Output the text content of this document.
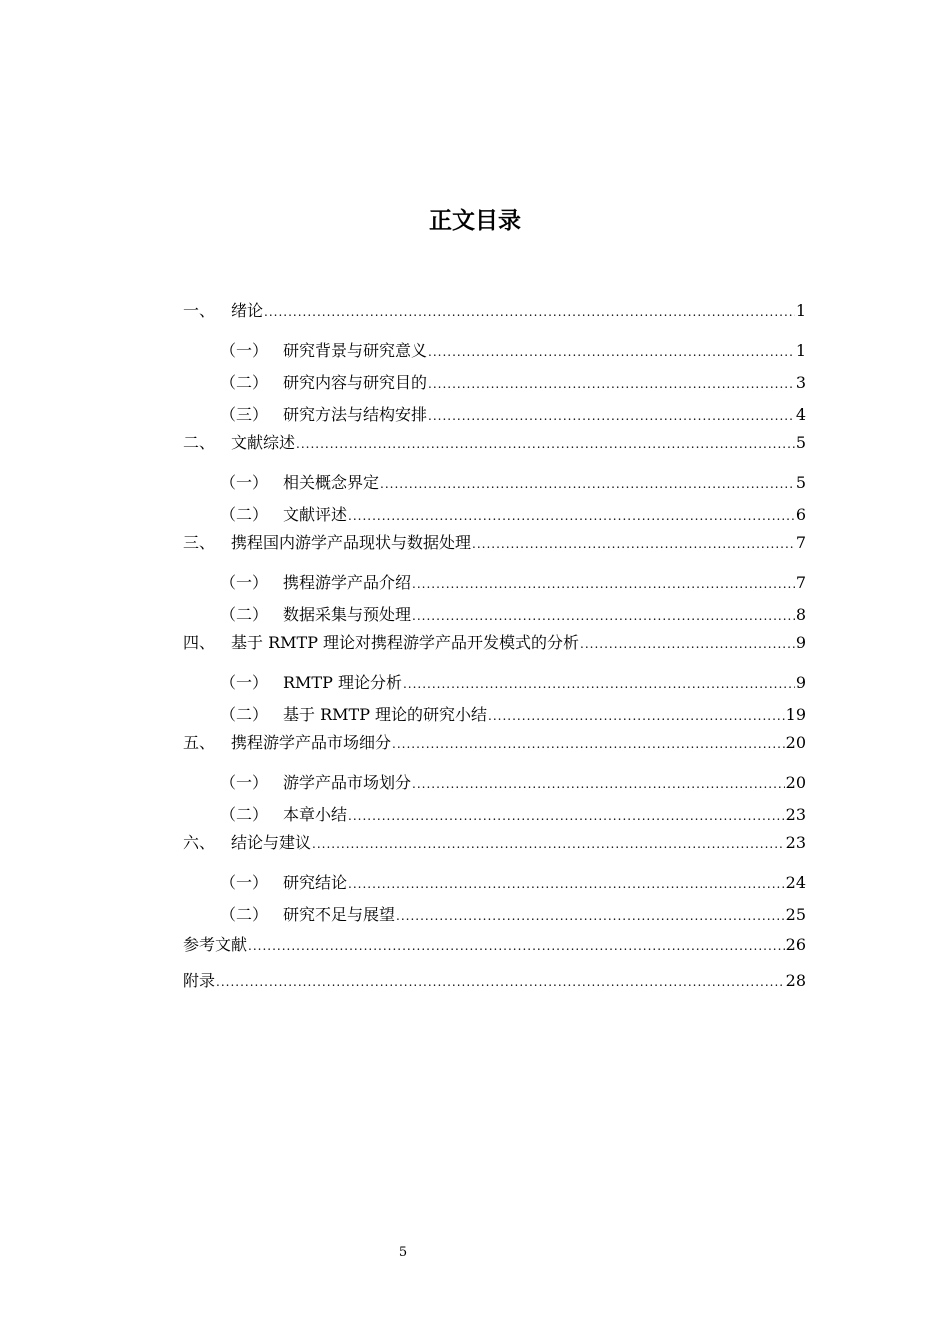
正文目录
一、 绪论 .....	1
（一） 研究背景与研究意义 .....	1
（二） 研究内容与研究目的 .....	3
（三） 研究方法与结构安排 .....	4
二、 文献综述 .....	5
（一） 相关概念界定 .....	5
（二） 文献评述 .....	6
三、 携程国内游学产品现状与数据处理 .....	7
（一） 携程游学产品介绍 .....	7
（二） 数据采集与预处理 .....	8
四、 基于 RMTP 理论对携程游学产品开发模式的分析 .....	9
（一） RMTP 理论分析 .....	9
（二） 基于 RMTP 理论的研究小结 .....	19
五、 携程游学产品市场细分 .....	20
（一） 游学产品市场划分 .....	20
（二） 本章小结 .....	23
六、 结论与建议 .....	23
（一） 研究结论 .....	24
（二） 研究不足与展望 .....	25
参考文献 .....	26
附录 .....	28
5
